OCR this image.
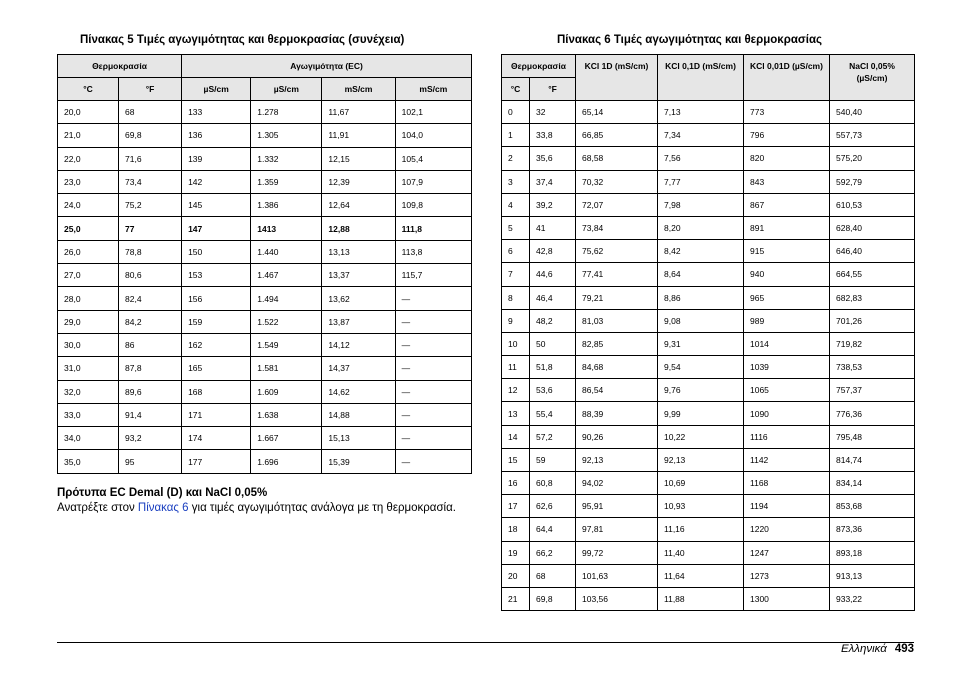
Πίνακας 5 Τιμές αγωγιμότητας και θερμοκρασίας (συνέχεια)
Θερμοκρασία		Αγωγιμότητα (EC)			
°C	°F	µS/cm	µS/cm	mS/cm	mS/cm
20,0	68	133	1.278	11,67	102,1
21,0	69,8	136	1.305	11,91	104,0
22,0	71,6	139	1.332	12,15	105,4
23,0	73,4	142	1.359	12,39	107,9
24,0	75,2	145	1.386	12,64	109,8
25,0	77	147	1413	12,88	111,8
26,0	78,8	150	1.440	13,13	113,8
27,0	80,6	153	1.467	13,37	115,7
28,0	82,4	156	1.494	13,62	—
29,0	84,2	159	1.522	13,87	—
30,0	86	162	1.549	14,12	—
31,0	87,8	165	1.581	14,37	—
32,0	89,6	168	1.609	14,62	—
33,0	91,4	171	1.638	14,88	—
34,0	93,2	174	1.667	15,13	—
35,0	95	177	1.696	15,39	—
Πίνακας 6 Τιμές αγωγιμότητας και θερμοκρασίας
Θερμοκρασία		KCl 1D (mS/cm)	KCl 0,1D (mS/cm)	KCl 0,01D (µS/cm)	NaCl 0,05% (µS/cm)
°C	°F				
0	32	65,14	7,13	773	540,40
1	33,8	66,85	7,34	796	557,73
2	35,6	68,58	7,56	820	575,20
3	37,4	70,32	7,77	843	592,79
4	39,2	72,07	7,98	867	610,53
5	41	73,84	8,20	891	628,40
6	42,8	75,62	8,42	915	646,40
7	44,6	77,41	8,64	940	664,55
8	46,4	79,21	8,86	965	682,83
9	48,2	81,03	9,08	989	701,26
10	50	82,85	9,31	1014	719,82
11	51,8	84,68	9,54	1039	738,53
12	53,6	86,54	9,76	1065	757,37
13	55,4	88,39	9,99	1090	776,36
14	57,2	90,26	10,22	1116	795,48
15	59	92,13	92,13	1142	814,74
16	60,8	94,02	10,69	1168	834,14
17	62,6	95,91	10,93	1194	853,68
18	64,4	97,81	11,16	1220	873,36
19	66,2	99,72	11,40	1247	893,18
20	68	101,63	11,64	1273	913,13
21	69,8	103,56	11,88	1300	933,22
Πρότυπα EC Demal (D) και NaCl 0,05%

Ανατρέξτε στον Πίνακας 6 για τιμές αγωγιμότητας ανάλογα με τη θερμοκρασία.

Ελληνικά 493
